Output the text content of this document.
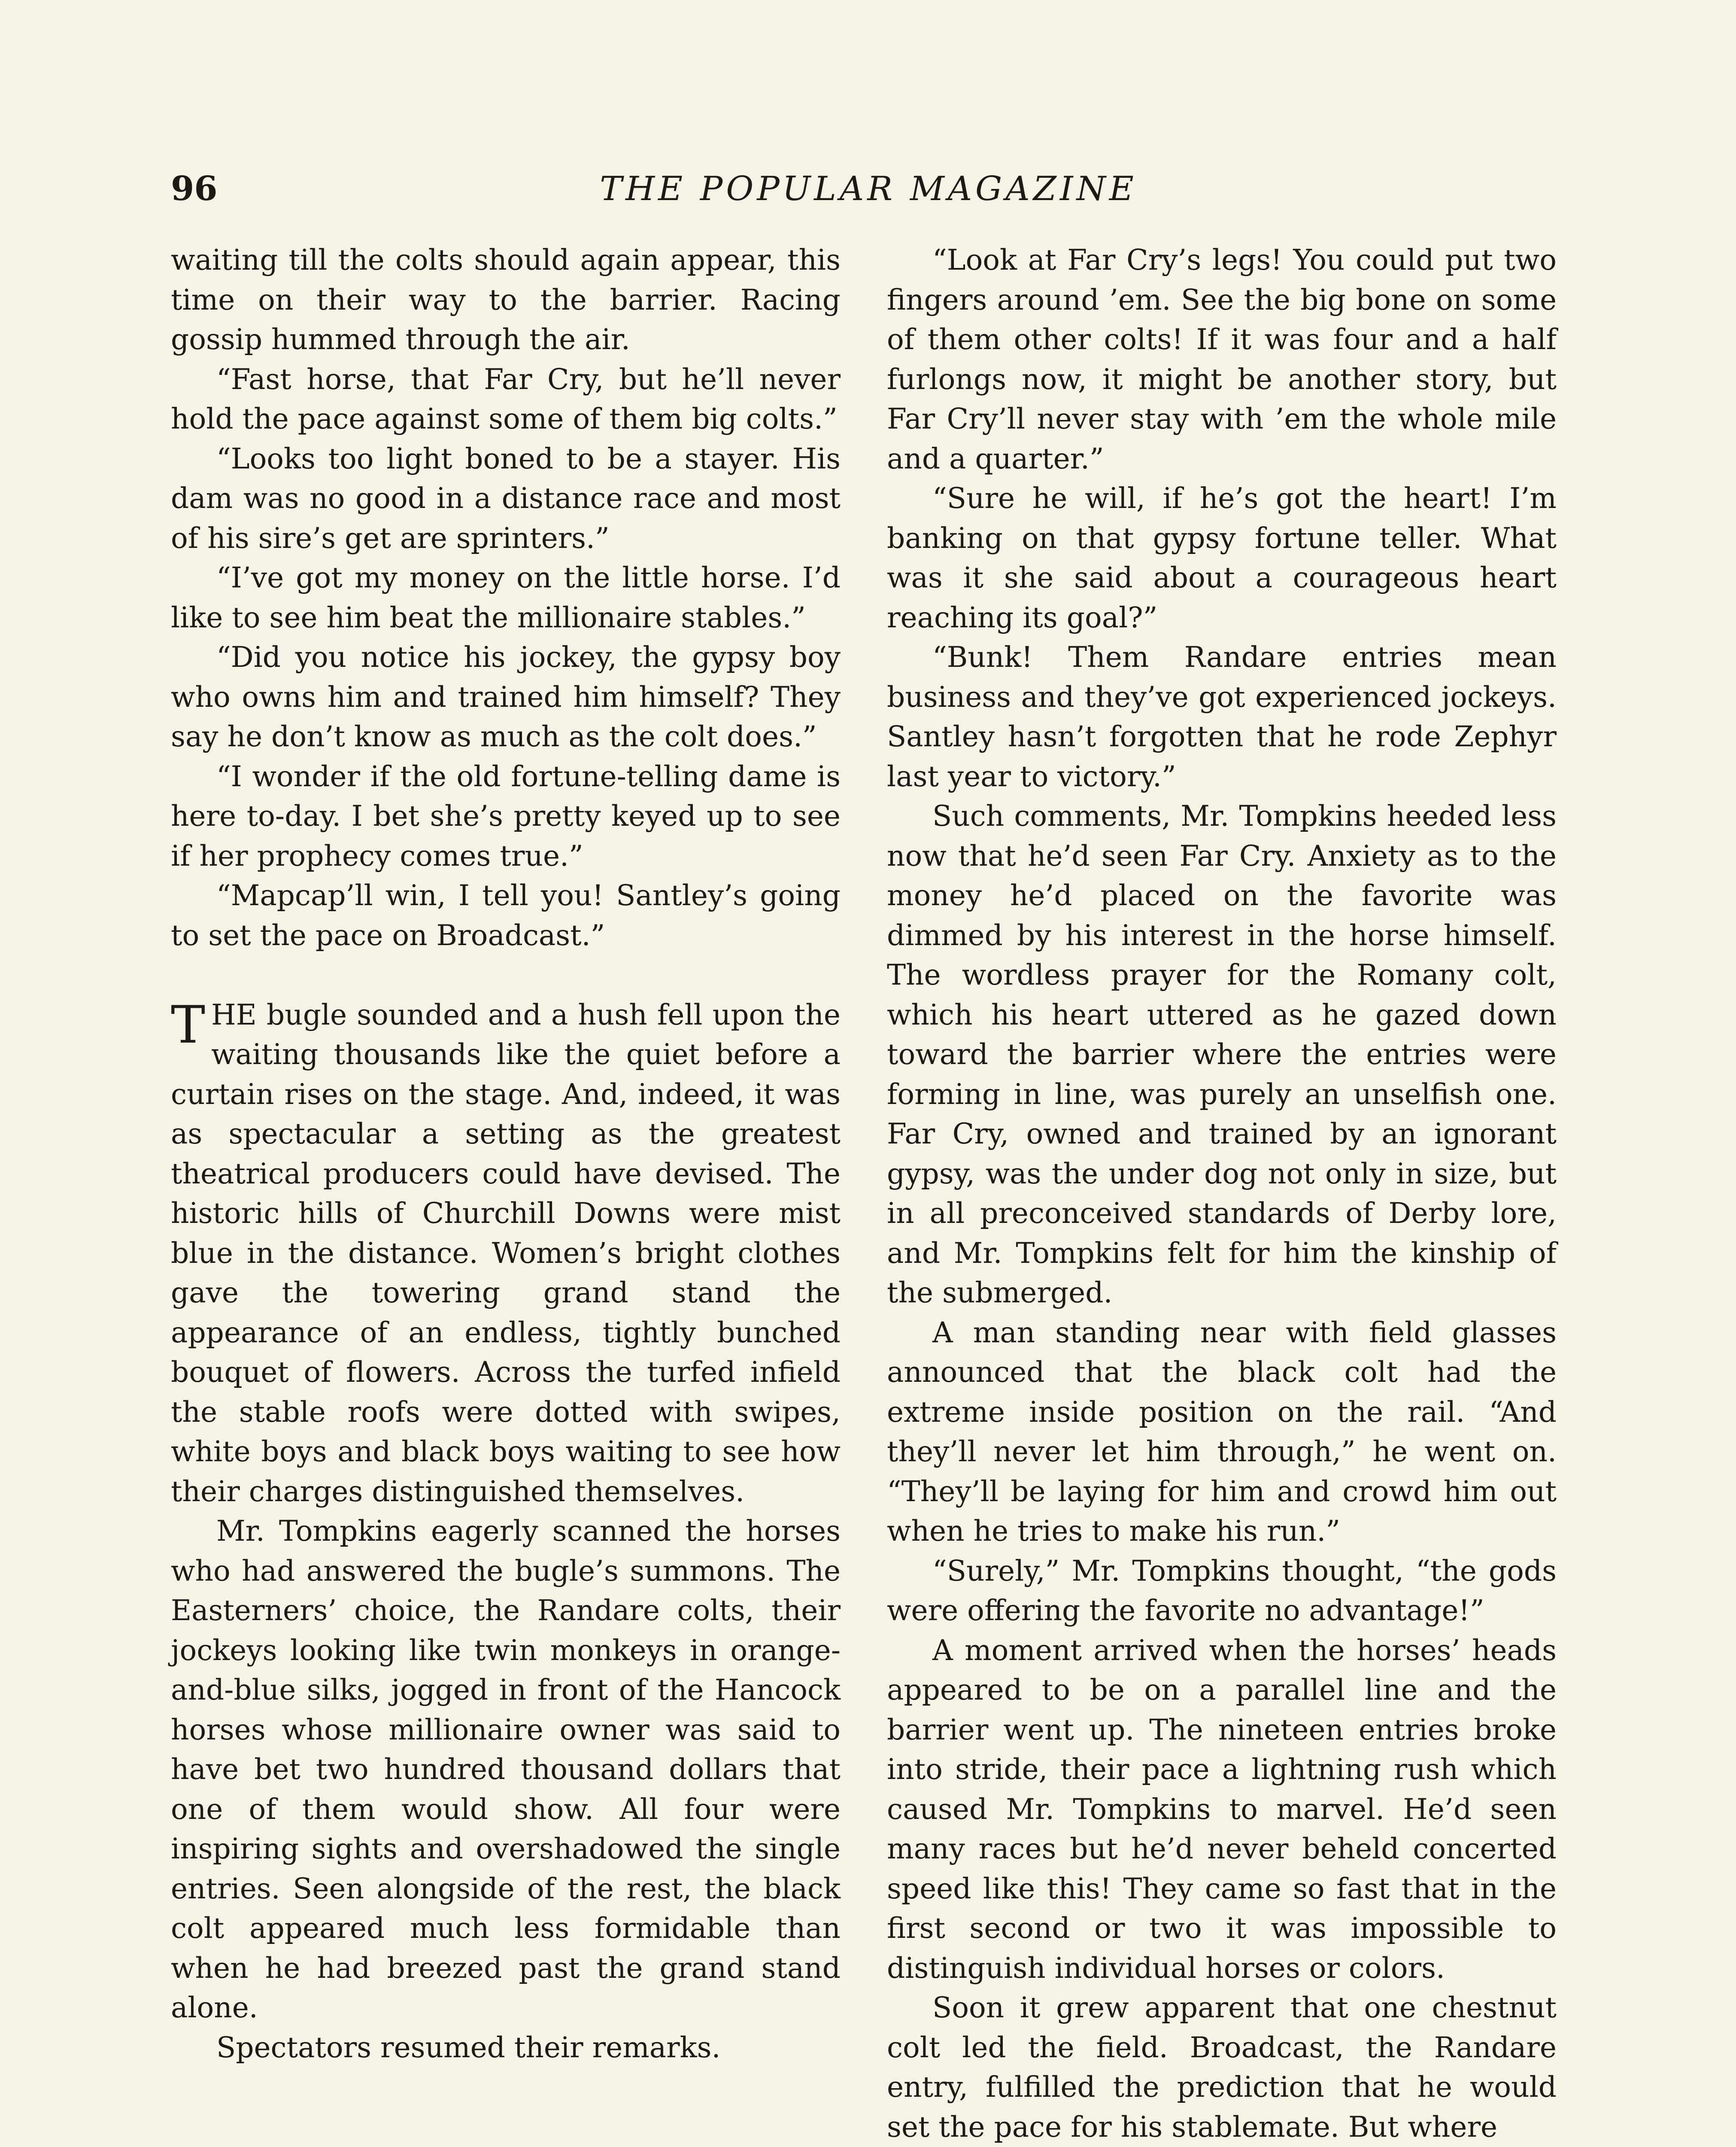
96	THE POPULAR MAGAZINE

waiting till the colts should again appear, this time on their way to the barrier. Racing gossip hummed through the air.

“Fast horse, that Far Cry, but he’ll never hold the pace against some of them big colts.”

“Looks too light boned to be a stayer. His dam was no good in a distance race and most of his sire’s get are sprinters.”

“I’ve got my money on the little horse. I’d like to see him beat the millionaire stables.”

“Did you notice his jockey, the gypsy boy who owns him and trained him himself? They say he don’t know as much as the colt does.”

“I wonder if the old fortune-telling dame is here to-day. I bet she’s pretty keyed up to see if her prophecy comes true.”

“Mapcap’ll win, I tell you! Santley’s going to set the pace on Broadcast.”

THE bugle sounded and a hush fell upon the waiting thousands like the quiet before a curtain rises on the stage. And, indeed, it was as spectacular a setting as the greatest theatrical producers could have devised. The historic hills of Churchill Downs were mist blue in the distance. Women’s bright clothes gave the towering grand stand the appearance of an endless, tightly bunched bouquet of flowers. Across the turfed infield the stable roofs were dotted with swipes, white boys and black boys waiting to see how their charges distinguished themselves.

Mr. Tompkins eagerly scanned the horses who had answered the bugle’s summons. The Easterners’ choice, the Randare colts, their jockeys looking like twin monkeys in orange-and-blue silks, jogged in front of the Hancock horses whose millionaire owner was said to have bet two hundred thousand dollars that one of them would show. All four were inspiring sights and overshadowed the single entries. Seen alongside of the rest, the black colt appeared much less formidable than when he had breezed past the grand stand alone.

Spectators resumed their remarks.

“Look at Far Cry’s legs! You could put two fingers around ’em. See the big bone on some of them other colts! If it was four and a half furlongs now, it might be another story, but Far Cry’ll never stay with ’em the whole mile and a quarter.”

“Sure he will, if he’s got the heart! I’m banking on that gypsy fortune teller. What was it she said about a courageous heart reaching its goal?”

“Bunk! Them Randare entries mean business and they’ve got experienced jockeys. Santley hasn’t forgotten that he rode Zephyr last year to victory.”

Such comments, Mr. Tompkins heeded less now that he’d seen Far Cry. Anxiety as to the money he’d placed on the favorite was dimmed by his interest in the horse himself. The wordless prayer for the Romany colt, which his heart uttered as he gazed down toward the barrier where the entries were forming in line, was purely an unselfish one. Far Cry, owned and trained by an ignorant gypsy, was the under dog not only in size, but in all preconceived standards of Derby lore, and Mr. Tompkins felt for him the kinship of the submerged.

A man standing near with field glasses announced that the black colt had the extreme inside position on the rail. “And they’ll never let him through,” he went on. “They’ll be laying for him and crowd him out when he tries to make his run.”

“Surely,” Mr. Tompkins thought, “the gods were offering the favorite no advantage!”

A moment arrived when the horses’ heads appeared to be on a parallel line and the barrier went up. The nineteen entries broke into stride, their pace a lightning rush which caused Mr. Tompkins to marvel. He’d seen many races but he’d never beheld concerted speed like this! They came so fast that in the first second or two it was impossible to distinguish individual horses or colors.

Soon it grew apparent that one chestnut colt led the field. Broadcast, the Randare entry, fulfilled the prediction that he would set the pace for his stablemate. But where
